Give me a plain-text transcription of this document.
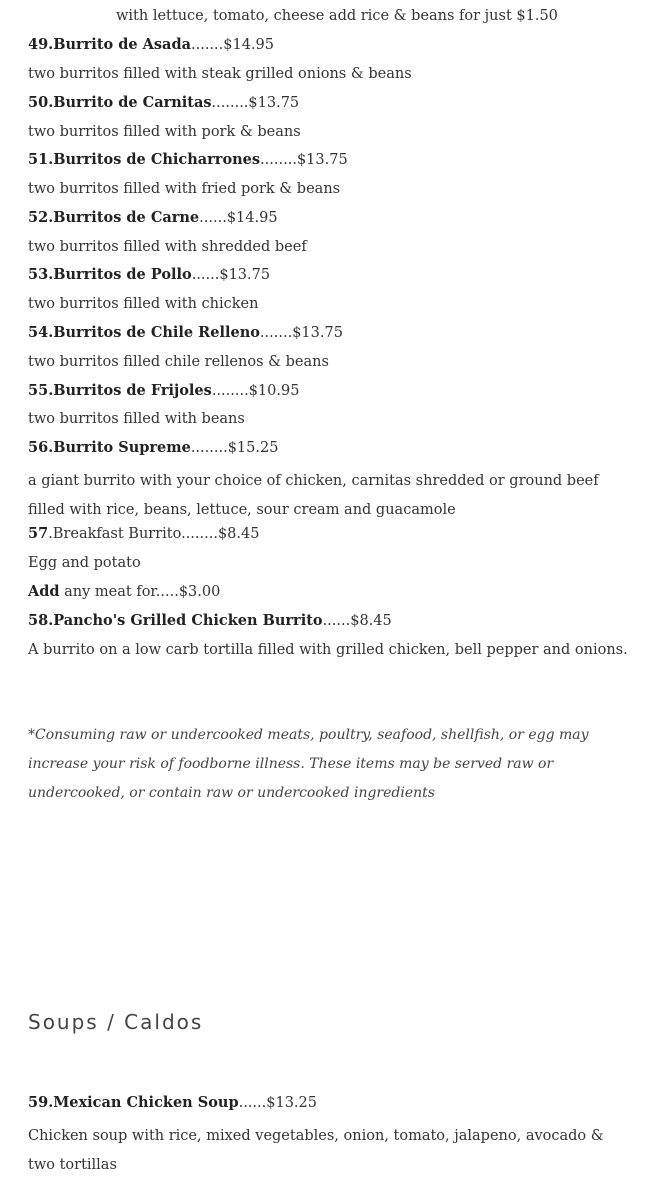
with lettuce, tomato, cheese add rice & beans for just $1.50
49.Burrito de Asada.......$14.95
two burritos filled with steak grilled onions & beans
50.Burrito de Carnitas........$13.75
two burritos filled with pork & beans
51.Burritos de Chicharrones........$13.75
two burritos filled with fried pork & beans
52.Burritos de Carne......$14.95
two burritos filled with shredded beef
53.Burritos de Pollo......$13.75
two burritos filled with chicken
54.Burritos de Chile Relleno.......$13.75
two burritos filled chile rellenos & beans
55.Burritos de Frijoles........$10.95
two burritos filled with beans
56.Burrito Supreme........$15.25
a giant burrito with your choice of chicken, carnitas shredded or ground beef filled with rice, beans, lettuce, sour cream and guacamole
57.Breakfast Burrito........$8.45
Egg and potato
Add any meat for.....$3.00
58.Pancho's Grilled Chicken Burrito......$8.45
A burrito on a low carb tortilla filled with grilled chicken, bell pepper and onions.
*Consuming raw or undercooked meats, poultry, seafood, shellfish, or egg may increase your risk of foodborne illness. These items may be served raw or undercooked, or contain raw or undercooked ingredients
Soups / Caldos
59.Mexican Chicken Soup......$13.25
Chicken soup with rice, mixed vegetables, onion, tomato, jalapeno, avocado & two tortillas
